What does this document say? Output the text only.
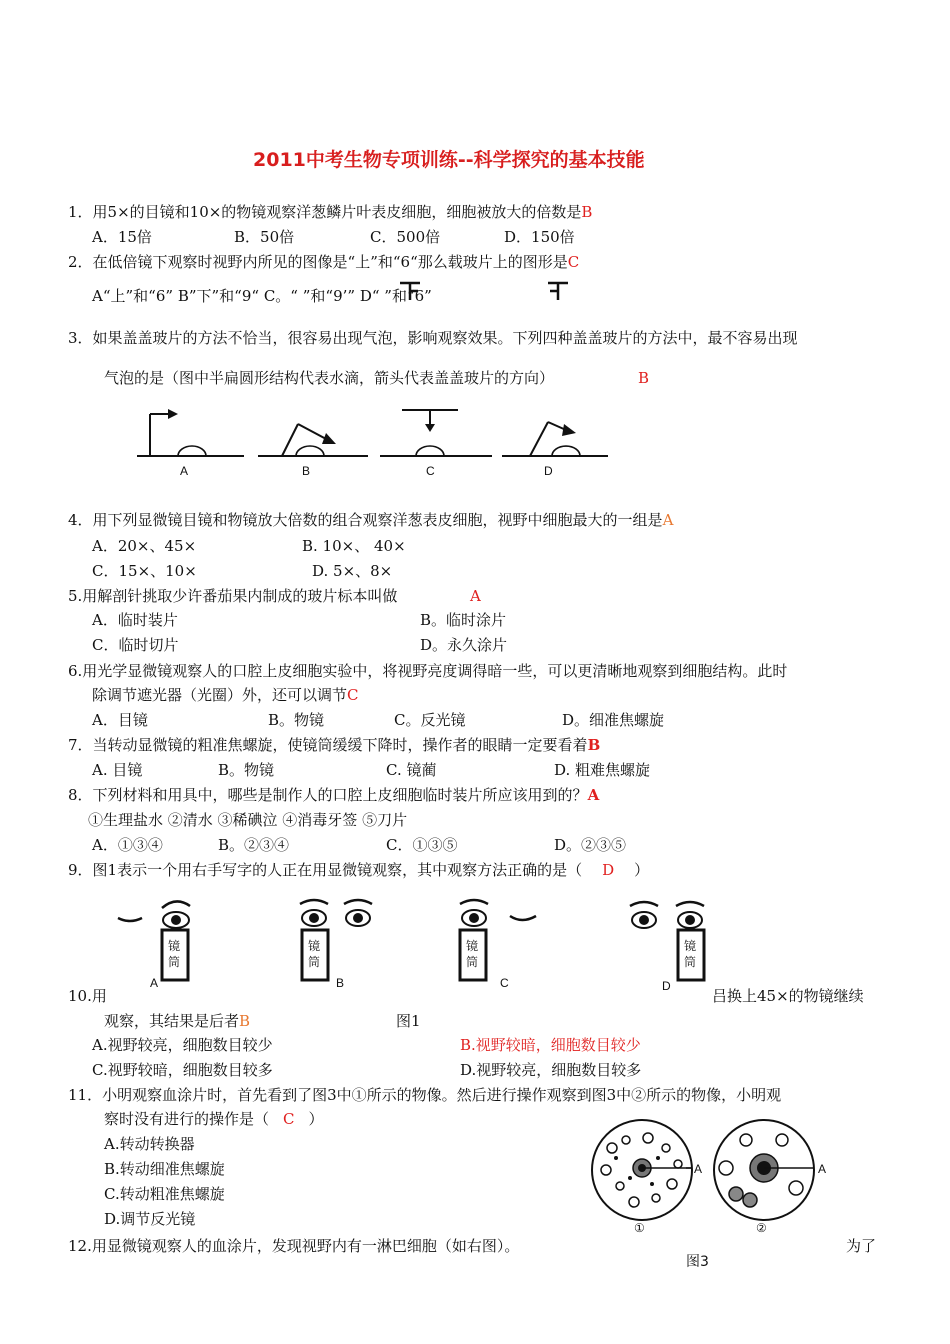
2011中考生物专项训练--科学探究的基本技能
1．用5×的目镜和10×的物镜观察洋葱鳞片叶表皮细胞，细胞被放大的倍数是B
A．15倍	B．50倍	C．500倍	D．150倍
2．在低倍镜下观察时视野内所见的图像是“上”和“6“那么载玻片上的图形是C
A“上”和“6” B”下”和“9“ C。“ ”和“9’” D“ ”和“6”
3．如果盖盖玻片的方法不恰当，很容易出现气泡，影响观察效果。下列四种盖盖玻片的方法中，最不容易出现
气泡的是（图中半扁圆形结构代表水滴，箭头代表盖盖玻片的方向）	B
A	B	C	D
4．用下列显微镜目镜和物镜放大倍数的组合观察洋葱表皮细胞，视野中细胞最大的一组是A
A．20×、45×	B. 10×、 40×
C．15×、10×	D. 5×、8×
5.用解剖针挑取少许番茄果内制成的玻片标本叫做	A
A．临时装片	B。临时涂片
C．临时切片	D。永久涂片
6.用光学显微镜观察人的口腔上皮细胞实验中，将视野亮度调得暗一些，可以更清晰地观察到细胞结构。此时
除调节遮光器（光圈）外，还可以调节C
A．目镜	B。物镜	C。反光镜	D。细准焦螺旋
7．当转动显微镜的粗准焦螺旋，使镜筒缓缓下降时，操作者的眼睛一定要看着B
A. 目镜	B。物镜	C. 镜蔺	D. 粗难焦螺旋
8．下列材料和用具中，哪些是制作人的口腔上皮细胞临时装片所应该用到的？A
①生理盐水 ②清水 ③稀碘泣 ④消毒牙签 ⑤刀片
A．①③④	B。②③④	C．①③⑤	D。②③⑤
9．图1表示一个用右手写字的人正在用显微镜观察，其中观察方法正确的是（ D ）
镜
筒
A
镜
筒
B
镜
筒
C
镜
筒
D
10.用	吕换上45×的物镜继续
观察，其结果是后者B	图1
A.视野较亮，细胞数目较少	B.视野较暗，细胞数目较少
C.视野较暗，细胞数目较多	D.视野较亮，细胞数目较多
11．小明观察血涂片时，首先看到了图3中①所示的物像。然后进行操作观察到图3中②所示的物像，小明观
察时没有进行的操作是（ C ）
A.转动转换器
B.转动细准焦螺旋
C.转动粗准焦螺旋
D.调节反光镜
A	A
①	②
12.用显微镜观察人的血涂片，发现视野内有一淋巴细胞（如右图）。	为了
图3
